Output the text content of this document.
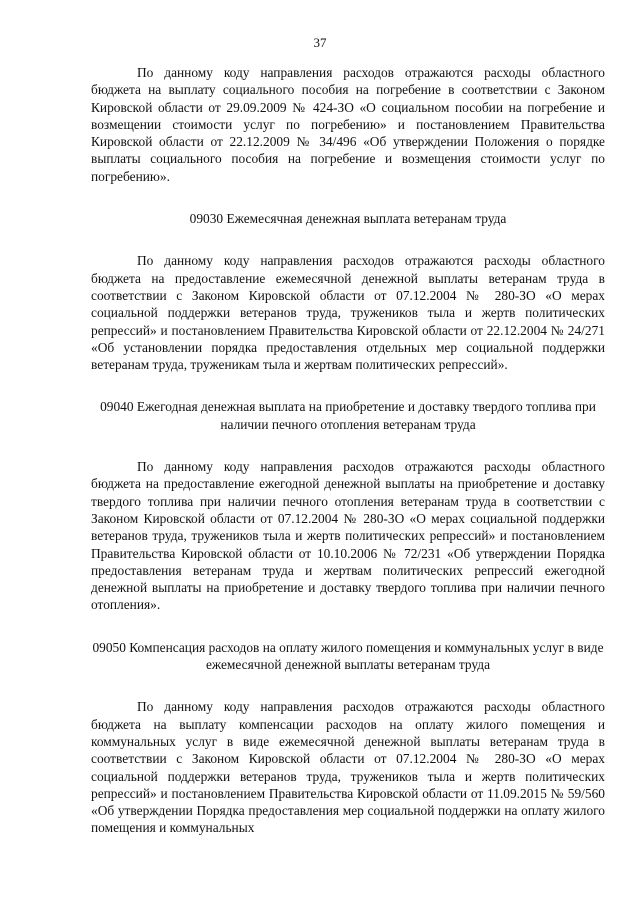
37

По данному коду направления расходов отражаются расходы областного бюджета на выплату социального пособия на погребение в соответствии с Законом Кировской области от 29.09.2009 № 424-ЗО «О социальном пособии на погребение и возмещении стоимости услуг по погребению» и постановлением Правительства Кировской области от 22.12.2009 № 34/496 «Об утверждении Положения о порядке выплаты социального пособия на погребение и возмещения стоимости услуг по погребению».

09030 Ежемесячная денежная выплата ветеранам труда

По данному коду направления расходов отражаются расходы областного бюджета на предоставление ежемесячной денежной выплаты ветеранам труда в соответствии с Законом Кировской области от 07.12.2004 № 280-ЗО «О мерах социальной поддержки ветеранов труда, тружеников тыла и жертв политических репрессий» и постановлением Правительства Кировской области от 22.12.2004 № 24/271 «Об установлении порядка предоставления отдельных мер социальной поддержки ветеранам труда, труженикам тыла и жертвам политических репрессий».

09040 Ежегодная денежная выплата на приобретение и доставку твердого топлива при наличии печного отопления ветеранам труда

По данному коду направления расходов отражаются расходы областного бюджета на предоставление ежегодной денежной выплаты на приобретение и доставку твердого топлива при наличии печного отопления ветеранам труда в соответствии с Законом Кировской области от 07.12.2004 № 280-ЗО «О мерах социальной поддержки ветеранов труда, тружеников тыла и жертв политических репрессий» и постановлением Правительства Кировской области от 10.10.2006 № 72/231 «Об утверждении Порядка предоставления ветеранам труда и жертвам политических репрессий ежегодной денежной выплаты на приобретение и доставку твердого топлива при наличии печного отопления».

09050 Компенсация расходов на оплату жилого помещения и коммунальных услуг в виде ежемесячной денежной выплаты ветеранам труда

По данному коду направления расходов отражаются расходы областного бюджета на выплату компенсации расходов на оплату жилого помещения и коммунальных услуг в виде ежемесячной денежной выплаты ветеранам труда в соответствии с Законом Кировской области от 07.12.2004 № 280-ЗО «О мерах социальной поддержки ветеранов труда, тружеников тыла и жертв политических репрессий» и постановлением Правительства Кировской области от 11.09.2015 № 59/560 «Об утверждении Порядка предоставления мер социальной поддержки на оплату жилого помещения и коммунальных
